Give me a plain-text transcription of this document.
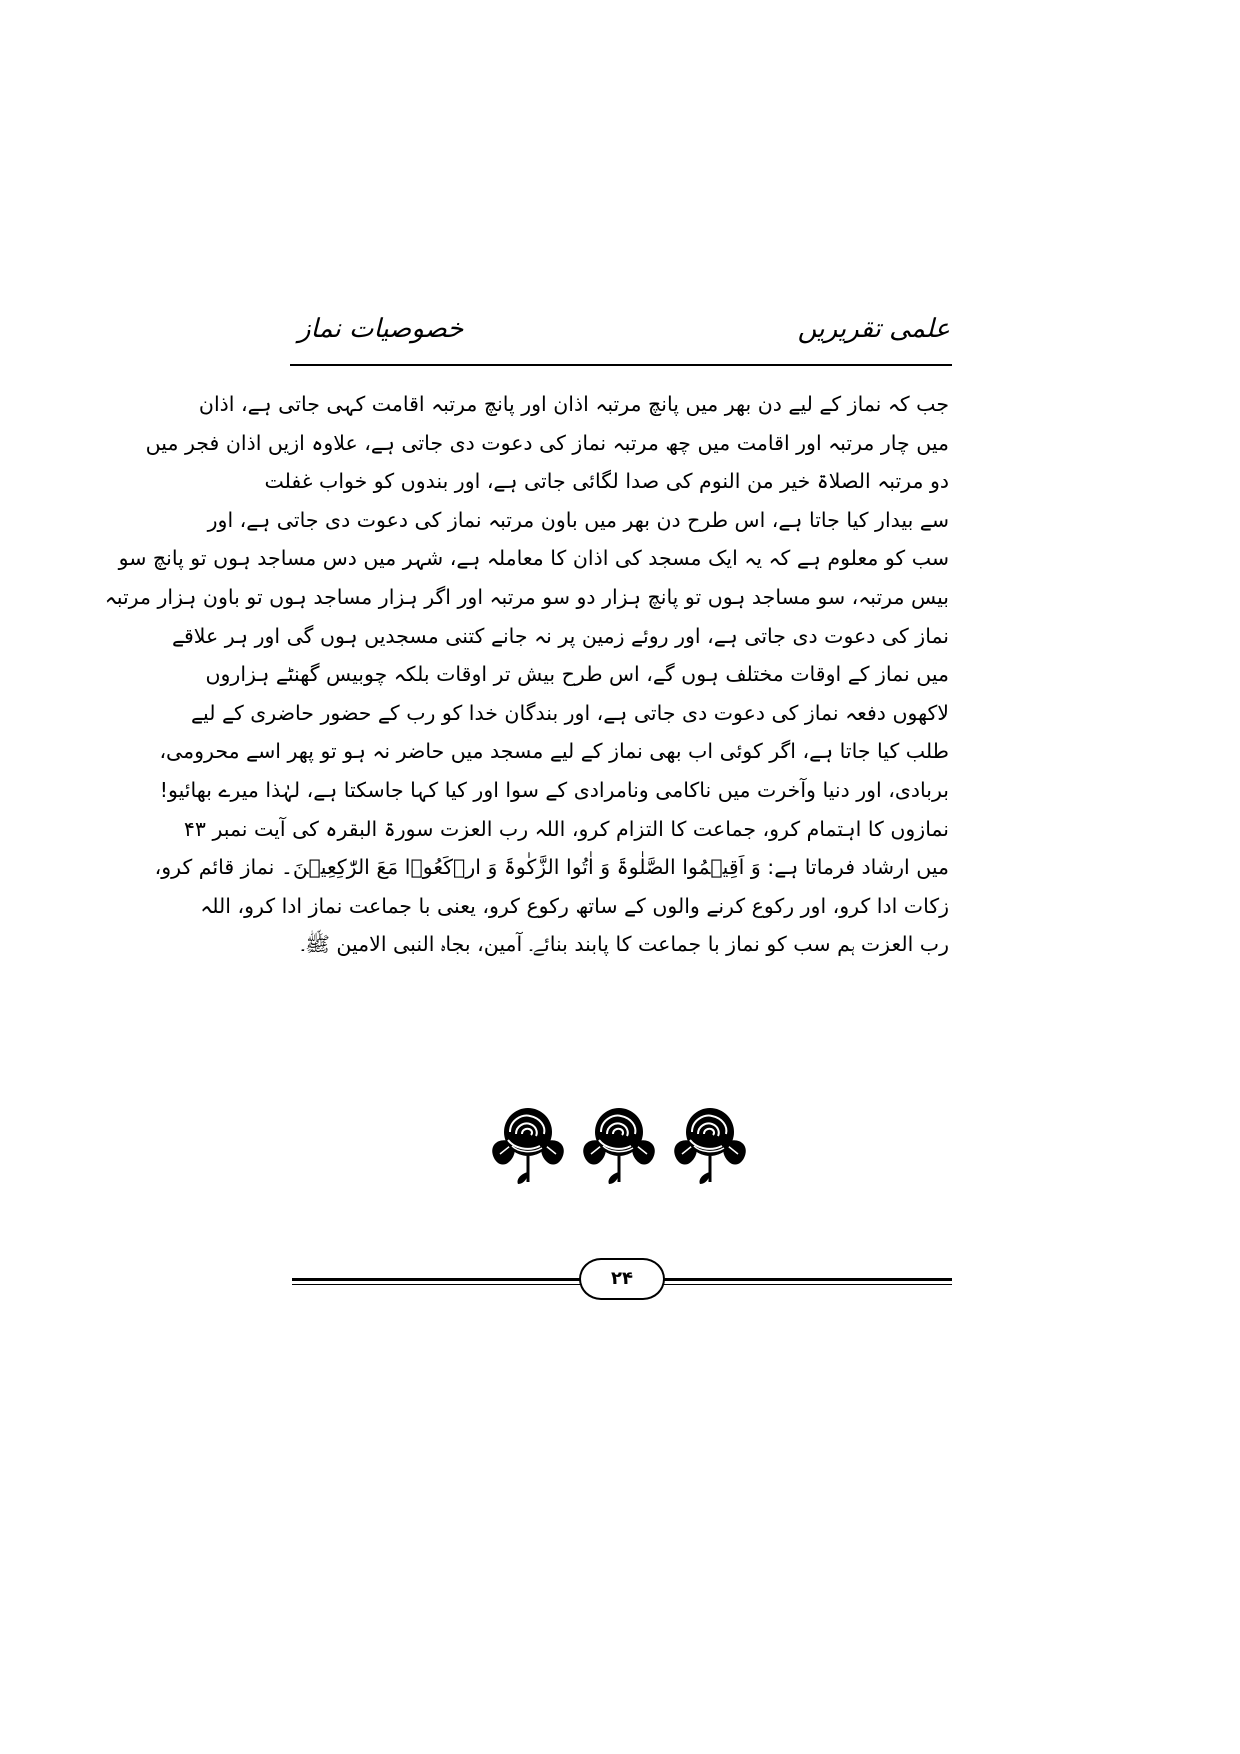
علمی تقریریں
خصوصیات نماز
جب کہ نماز کے لیے دن بھر میں پانچ مرتبہ اذان اور پانچ مرتبہ اقامت کہی جاتی ہے، اذان
میں چار مرتبہ اور اقامت میں چھ مرتبہ نماز کی دعوت دی جاتی ہے، علاوہ ازیں اذان فجر میں
دو مرتبہ الصلاۃ خیر من النوم کی صدا لگائی جاتی ہے، اور بندوں کو خواب غفلت
سے بیدار کیا جاتا ہے، اس طرح دن بھر میں باون مرتبہ نماز کی دعوت دی جاتی ہے، اور
سب کو معلوم ہے کہ یہ ایک مسجد کی اذان کا معاملہ ہے، شہر میں دس مساجد ہوں تو پانچ سو
بیس مرتبہ، سو مساجد ہوں تو پانچ ہزار دو سو مرتبہ اور اگر ہزار مساجد ہوں تو باون ہزار مرتبہ
نماز کی دعوت دی جاتی ہے، اور روئے زمین پر نہ جانے کتنی مسجدیں ہوں گی اور ہر علاقے
میں نماز کے اوقات مختلف ہوں گے، اس طرح بیش تر اوقات بلکہ چوبیس گھنٹے ہزاروں
لاکھوں دفعہ نماز کی دعوت دی جاتی ہے، اور بندگان خدا کو رب کے حضور حاضری کے لیے
طلب کیا جاتا ہے، اگر کوئی اب بھی نماز کے لیے مسجد میں حاضر نہ ہو تو پھر اسے محرومی،
بربادی، اور دنیا وآخرت میں ناکامی ونامرادی کے سوا اور کیا کہا جاسکتا ہے، لہٰذا میرے بھائیو!
نمازوں کا اہتمام کرو، جماعت کا التزام کرو، اللہ رب العزت سورۃ البقرہ کی آیت نمبر ۴۳
میں ارشاد فرماتا ہے: وَ اَقِیۡمُوا الصَّلٰوۃَ وَ اٰتُوا الزَّکٰوۃَ وَ ارۡکَعُوۡا مَعَ الرّٰکِعِیۡنَ۔ نماز قائم کرو،
زکات ادا کرو، اور رکوع کرنے والوں کے ساتھ رکوع کرو، یعنی با جماعت نماز ادا کرو، اللہ
رب العزت ہم سب کو نماز با جماعت کا پابند بنائے۔ آمین، بجاہ النبی الامین ﷺ۔
۲۴
